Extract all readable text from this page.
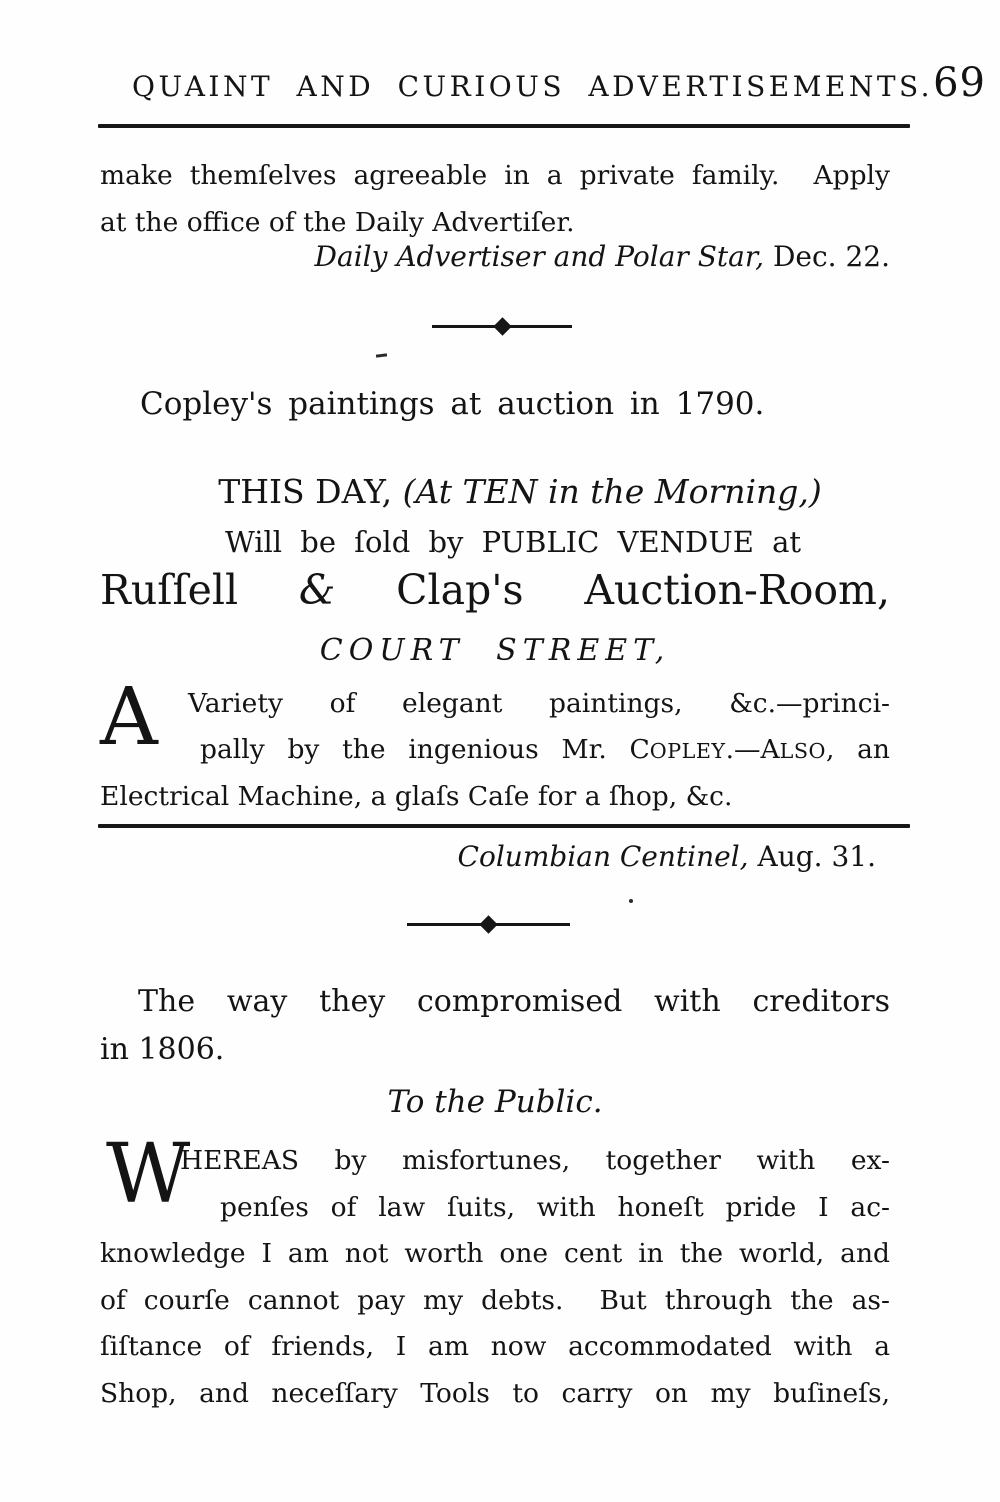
QUAINT AND CURIOUS ADVERTISEMENTS. 69
make themſelves agreeable in a private family.  Apply
at the office of the Daily Advertiſer.
Daily Advertiser and Polar Star, Dec. 22.
Copley's paintings at auction in 1790.
THIS DAY, (At TEN in the Morning,)
Will be ſold by PUBLIC VENDUE at
Ruſſell & Clap's Auction-Room,
COURT STREET,
A	Variety of elegant paintings, &c.—princi-
pally by the ingenious Mr. COPLEY.—ALSO, an
Electrical Machine, a glaſs Caſe for a ſhop, &c.
Columbian Centinel, Aug. 31.
The way they compromised with creditors
in 1806.
To the Public.
W
HEREAS by misfortunes, together with ex-
penſes of law ſuits, with honeſt pride I ac-
knowledge I am not worth one cent in the world, and
of courſe cannot pay my debts.  But through the as-
ſiſtance of friends, I am now accommodated with a
Shop, and neceſſary Tools to carry on my buſineſs,
